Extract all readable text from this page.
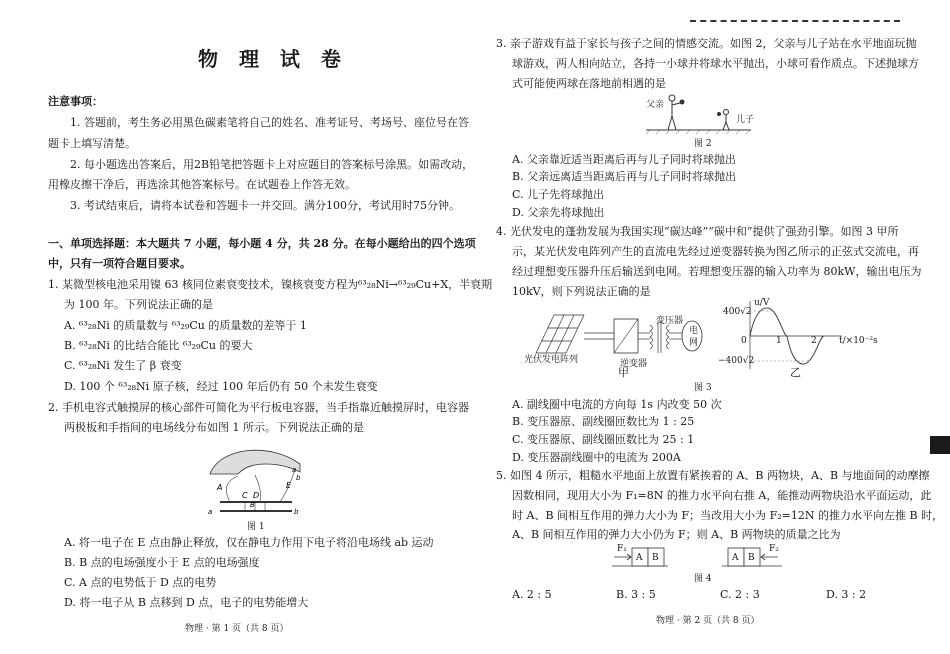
物 理 试 卷
注意事项：
1. 答题前，考生务必用黑色碳素笔将自己的姓名、准考证号、考场号、座位号在答
题卡上填写清楚。
2. 每小题选出答案后，用2B铅笔把答题卡上对应题目的答案标号涂黑。如需改动，
用橡皮擦干净后，再选涂其他答案标号。在试题卷上作答无效。
3. 考试结束后，请将本试卷和答题卡一并交回。满分100分，考试用时75分钟。
一、单项选择题：本大题共 7 小题，每小题 4 分，共 28 分。在每小题给出的四个选项
中，只有一项符合题目要求。
1. 某微型核电池采用镍 63 核同位素衰变技术，镍核衰变方程为⁶³₂₈Ni→⁶³₂₉Cu+X，半衰期
为 100 年。下列说法正确的是
A. ⁶³₂₈Ni 的质量数与 ⁶³₂₉Cu 的质量数的差等于 1
B. ⁶³₂₈Ni 的比结合能比 ⁶³₂₉Cu 的要大
C. ⁶³₂₈Ni 发生了 β 衰变
D. 100 个 ⁶³₂₈Ni 原子核，经过 100 年后仍有 50 个未发生衰变
2. 手机电容式触摸屏的核心部件可简化为平行板电容器，当手指靠近触摸屏时，电容器
两极板和手指间的电场线分布如图 1 所示。下列说法正确的是
A
C D
B
E
b
a
a	b
图 1
A. 将一电子在 E 点由静止释放，仅在静电力作用下电子将沿电场线 ab 运动
B. B 点的电场强度小于 E 点的电场强度
C. A 点的电势低于 D 点的电势
D. 将一电子从 B 点移到 D 点，电子的电势能增大
物理 · 第 1 页（共 8 页）
3. 亲子游戏有益于家长与孩子之间的情感交流。如图 2，父亲与儿子站在水平地面玩抛
球游戏，两人相向站立，各持一小球并将球水平抛出，小球可看作质点。下述抛球方
式可能使两球在落地前相遇的是
父亲
儿子
图 2
A. 父亲靠近适当距离后再与儿子同时将球抛出
B. 父亲远离适当距离后再与儿子同时将球抛出
C. 儿子先将球抛出
D. 父亲先将球抛出
4. 光伏发电的蓬勃发展为我国实现“碳达峰”“碳中和”提供了强劲引擎。如图 3 甲所
示，某光伏发电阵列产生的直流电先经过逆变器转换为图乙所示的正弦式交流电，再
经过理想变压器升压后输送到电网。若理想变压器的输入功率为 80kW，输出电压为
10kV，则下列说法正确的是
光伏发电阵列	逆变器
变压器
电
网
甲
u/V
400√2
−400√2
0	1	2 t/×10⁻²s
乙
图 3
A. 副线圈中电流的方向每 1s 内改变 50 次
B. 变压器原、副线圈匝数比为 1 : 25
C. 变压器原、副线圈匝数比为 25 : 1
D. 变压器副线圈中的电流为 200A
5. 如图 4 所示，粗糙水平地面上放置有紧挨着的 A、B 两物块，A、B 与地面间的动摩擦
因数相同，现用大小为 F₁=8N 的推力水平向右推 A，能推动两物块沿水平面运动，此
时 A、B 间相互作用的弹力大小为 F；当改用大小为 F₂=12N 的推力水平向左推 B 时，
A、B 间相互作用的弹力大小仍为 F；则 A、B 两物块的质量之比为
F₁	F₂
A B	A B
图 4
A. 2 : 5	B. 3 : 5	C. 2 : 3	D. 3 : 2
物理 · 第 2 页（共 8 页）
